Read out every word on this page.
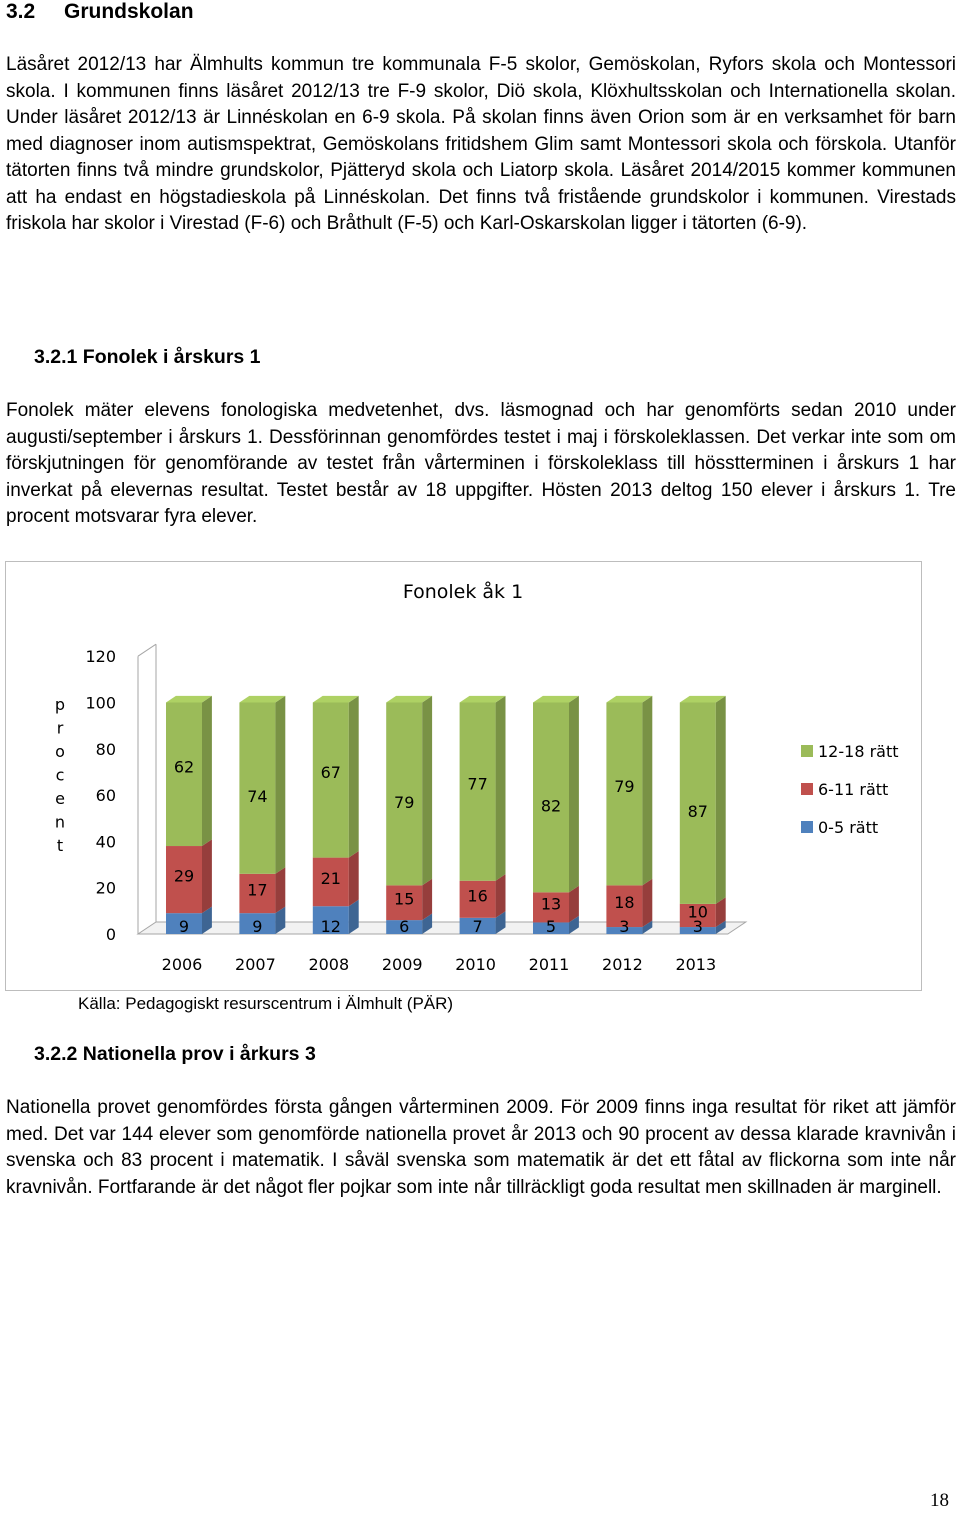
3.2 Grundskolan

Läsåret 2012/13 har Älmhults kommun tre kommunala F-5 skolor, Gemöskolan, Ryfors skola och Montessori skola. I kommunen finns läsåret 2012/13 tre F-9 skolor, Diö skola, Klöxhultsskolan och Internationella skolan. Under läsåret 2012/13 är Linnéskolan en 6-9 skola. På skolan finns även Orion som är en verksamhet för barn med diagnoser inom autismspektrat, Gemöskolans fritidshem Glim samt Montessori skola och förskola. Utanför tätorten finns två mindre grundskolor, Pjätteryd skola och Liatorp skola. Läsåret 2014/2015 kommer kommunen att ha endast en högstadieskola på Linnéskolan. Det finns två fristående grundskolor i kommunen. Virestads friskola har skolor i Virestad (F-6) och Bråthult (F-5) och Karl-Oskarskolan ligger i tätorten (6-9).

3.2.1 Fonolek i årskurs 1

Fonolek mäter elevens fonologiska medvetenhet, dvs. läsmognad och har genomförts sedan 2010 under augusti/september i årskurs 1. Dessförinnan genomfördes testet i maj i förskoleklassen. Det verkar inte som om förskjutningen för genomförande av testet från vårterminen i förskoleklass till hösstterminen i årskurs 1 har inverkat på elevernas resultat. Testet består av 18 uppgifter. Hösten 2013 deltog 150 elever i årskurs 1. Tre procent motsvarar fyra elever.

Fonolek åk 1
0
20
40
60
80
100
120
p
r
o
c
e
n
t
9
29
62
9
17
74
12
21
67
6
15
79
7
16
77
5
13
82
3
18
79
3
10
87
2006 2007 2008 2009 2010 2011 2012 2013
12-18 rätt
6-11 rätt
0-5 rätt
Källa: Pedagogiskt resurscentrum i Älmhult (PÄR)
3.2.2 Nationella prov i årkurs 3

Nationella provet genomfördes första gången vårterminen 2009. För 2009 finns inga resultat för riket att jämför med. Det var 144 elever som genomförde nationella provet år 2013 och 90 procent av dessa klarade kravnivån i svenska och 83 procent i matematik. I såväl svenska som matematik är det ett fåtal av flickorna som inte når kravnivån. Fortfarande är det något fler pojkar som inte når tillräckligt goda resultat men skillnaden är marginell.

18
